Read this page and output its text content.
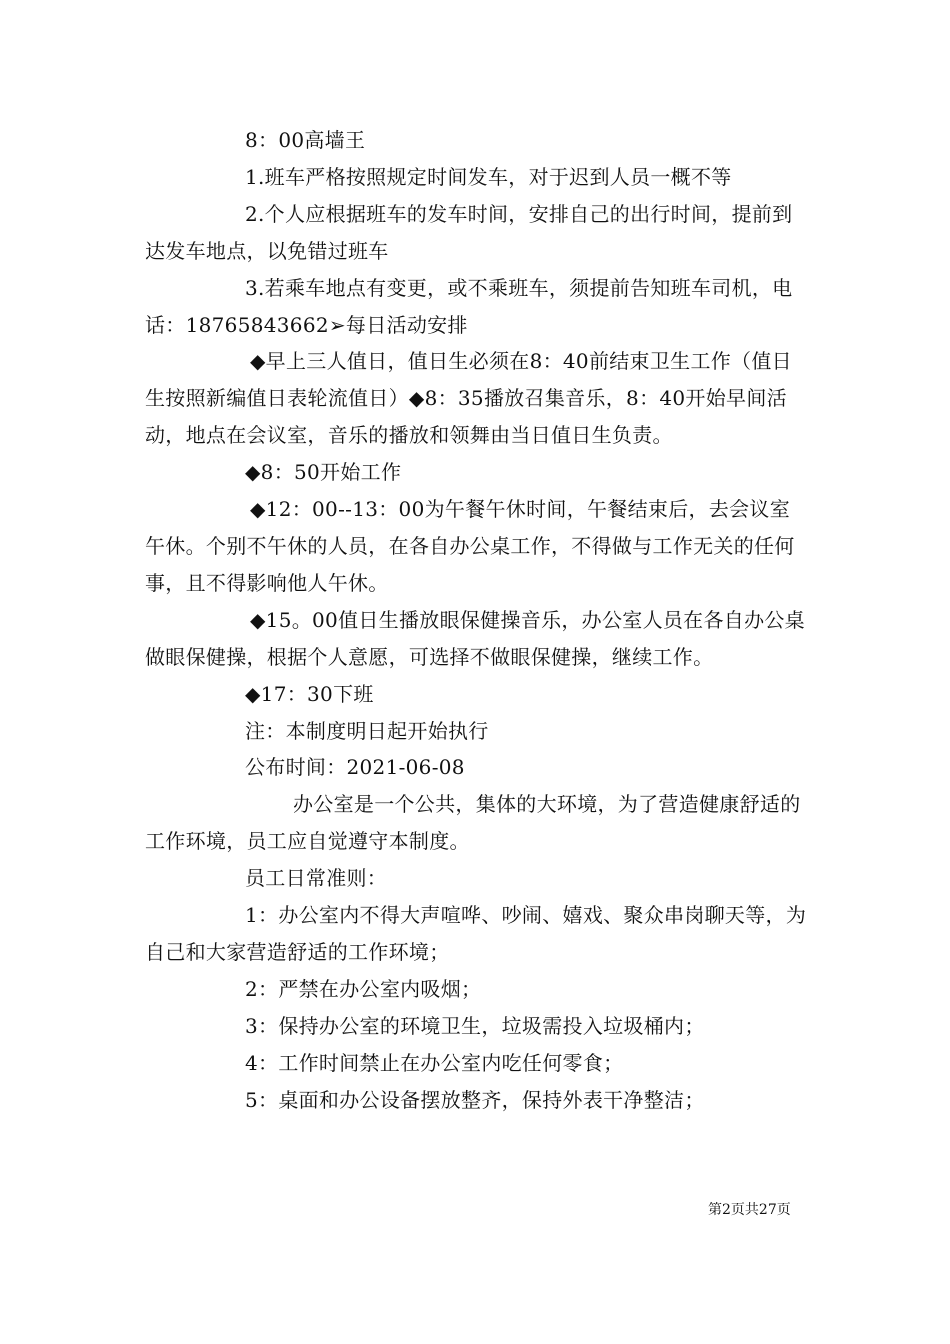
8：00高墙王

1.班车严格按照规定时间发车，对于迟到人员一概不等

2.个人应根据班车的发车时间，安排自己的出行时间，提前到达发车地点，以免错过班车

3.若乘车地点有变更，或不乘班车，须提前告知班车司机，电话：18765843662➢每日活动安排

◆早上三人值日，值日生必须在8：40前结束卫生工作（值日生按照新编值日表轮流值日）◆8：35播放召集音乐，8：40开始早间活动，地点在会议室，音乐的播放和领舞由当日值日生负责。

◆8：50开始工作

◆12：00--13：00为午餐午休时间，午餐结束后，去会议室午休。个别不午休的人员，在各自办公桌工作，不得做与工作无关的任何事，且不得影响他人午休。

◆15。00值日生播放眼保健操音乐，办公室人员在各自办公桌做眼保健操，根据个人意愿，可选择不做眼保健操，继续工作。

◆17：30下班

注：本制度明日起开始执行

公布时间：2021-06-08

办公室是一个公共，集体的大环境，为了营造健康舒适的工作环境，员工应自觉遵守本制度。

员工日常准则：

1：办公室内不得大声喧哗、吵闹、嬉戏、聚众串岗聊天等，为自己和大家营造舒适的工作环境；

2：严禁在办公室内吸烟；

3：保持办公室的环境卫生，垃圾需投入垃圾桶内；

4：工作时间禁止在办公室内吃任何零食；

5：桌面和办公设备摆放整齐，保持外表干净整洁；

第2页共27页
